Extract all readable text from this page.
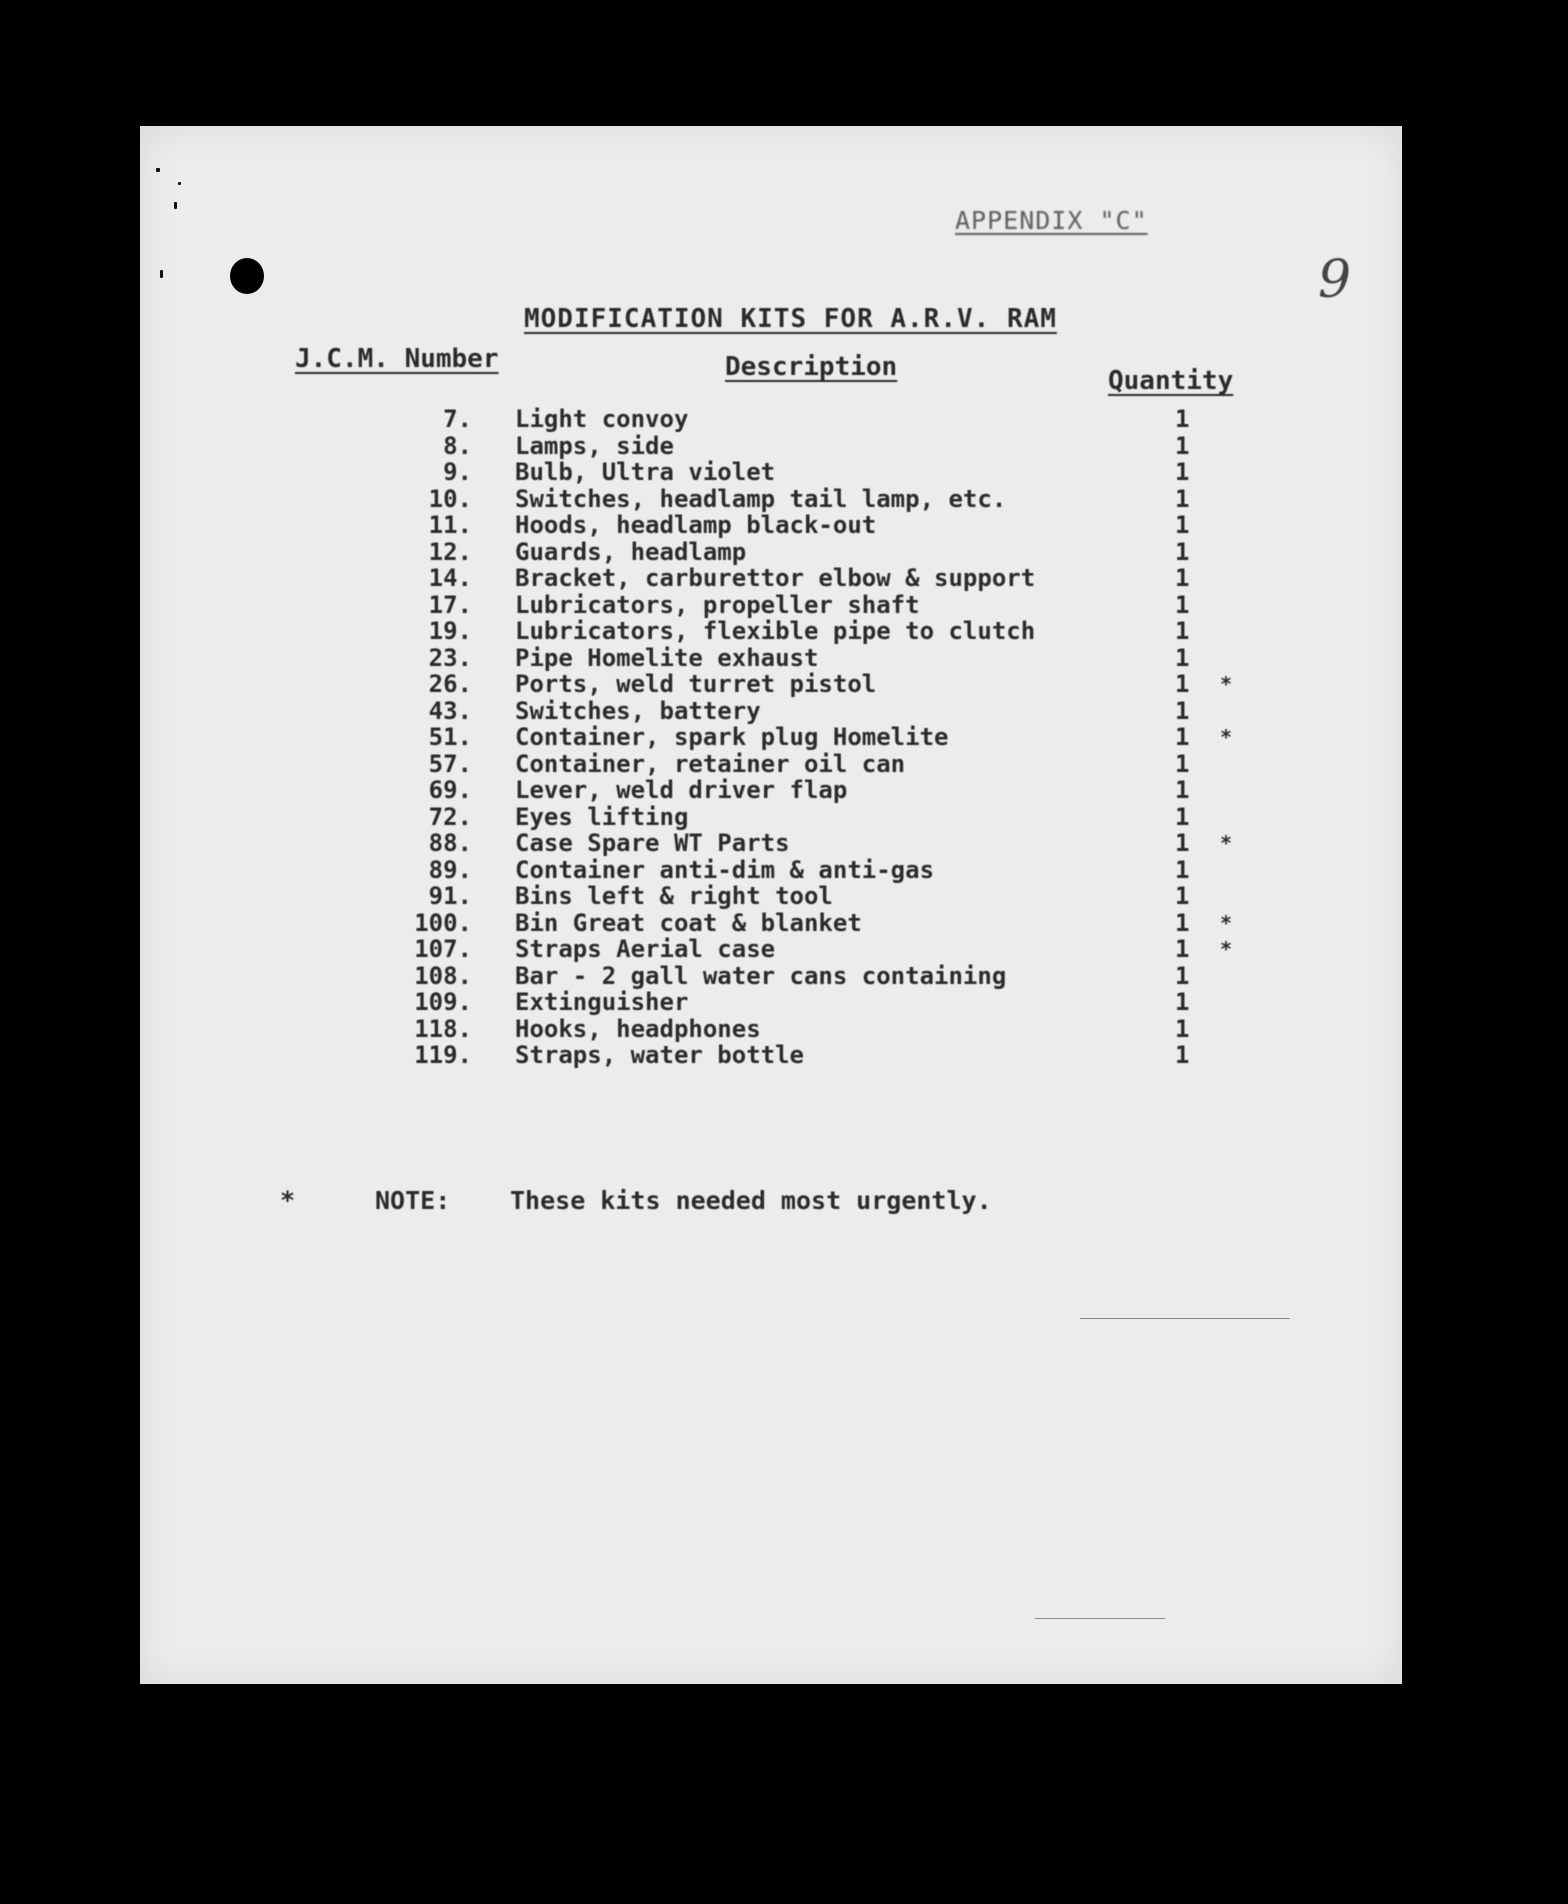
APPENDIX "C"
9
MODIFICATION KITS FOR A.R.V. RAM
J.C.M. Number	Description	Quantity
7. Light convoy	1
8. Lamps, side	1
9. Bulb, Ultra violet	1
10. Switches, headlamp tail lamp, etc.	1
11. Hoods, headlamp black-out	1
12. Guards, headlamp	1
14. Bracket, carburettor elbow & support	1
17. Lubricators, propeller shaft	1
19. Lubricators, flexible pipe to clutch	1
23. Pipe Homelite exhaust	1
26. Ports, weld turret pistol	1 *
43. Switches, battery	1
51. Container, spark plug Homelite	1 *
57. Container, retainer oil can	1
69. Lever, weld driver flap	1
72. Eyes lifting	1
88. Case Spare WT Parts	1 *
89. Container anti-dim & anti-gas	1
91. Bins left & right tool	1
100. Bin Great coat & blanket	1 *
107. Straps Aerial case	1 *
108. Bar - 2 gall water cans containing	1
109. Extinguisher	1
118. Hooks, headphones	1
119. Straps, water bottle	1
*	NOTE: These kits needed most urgently.
